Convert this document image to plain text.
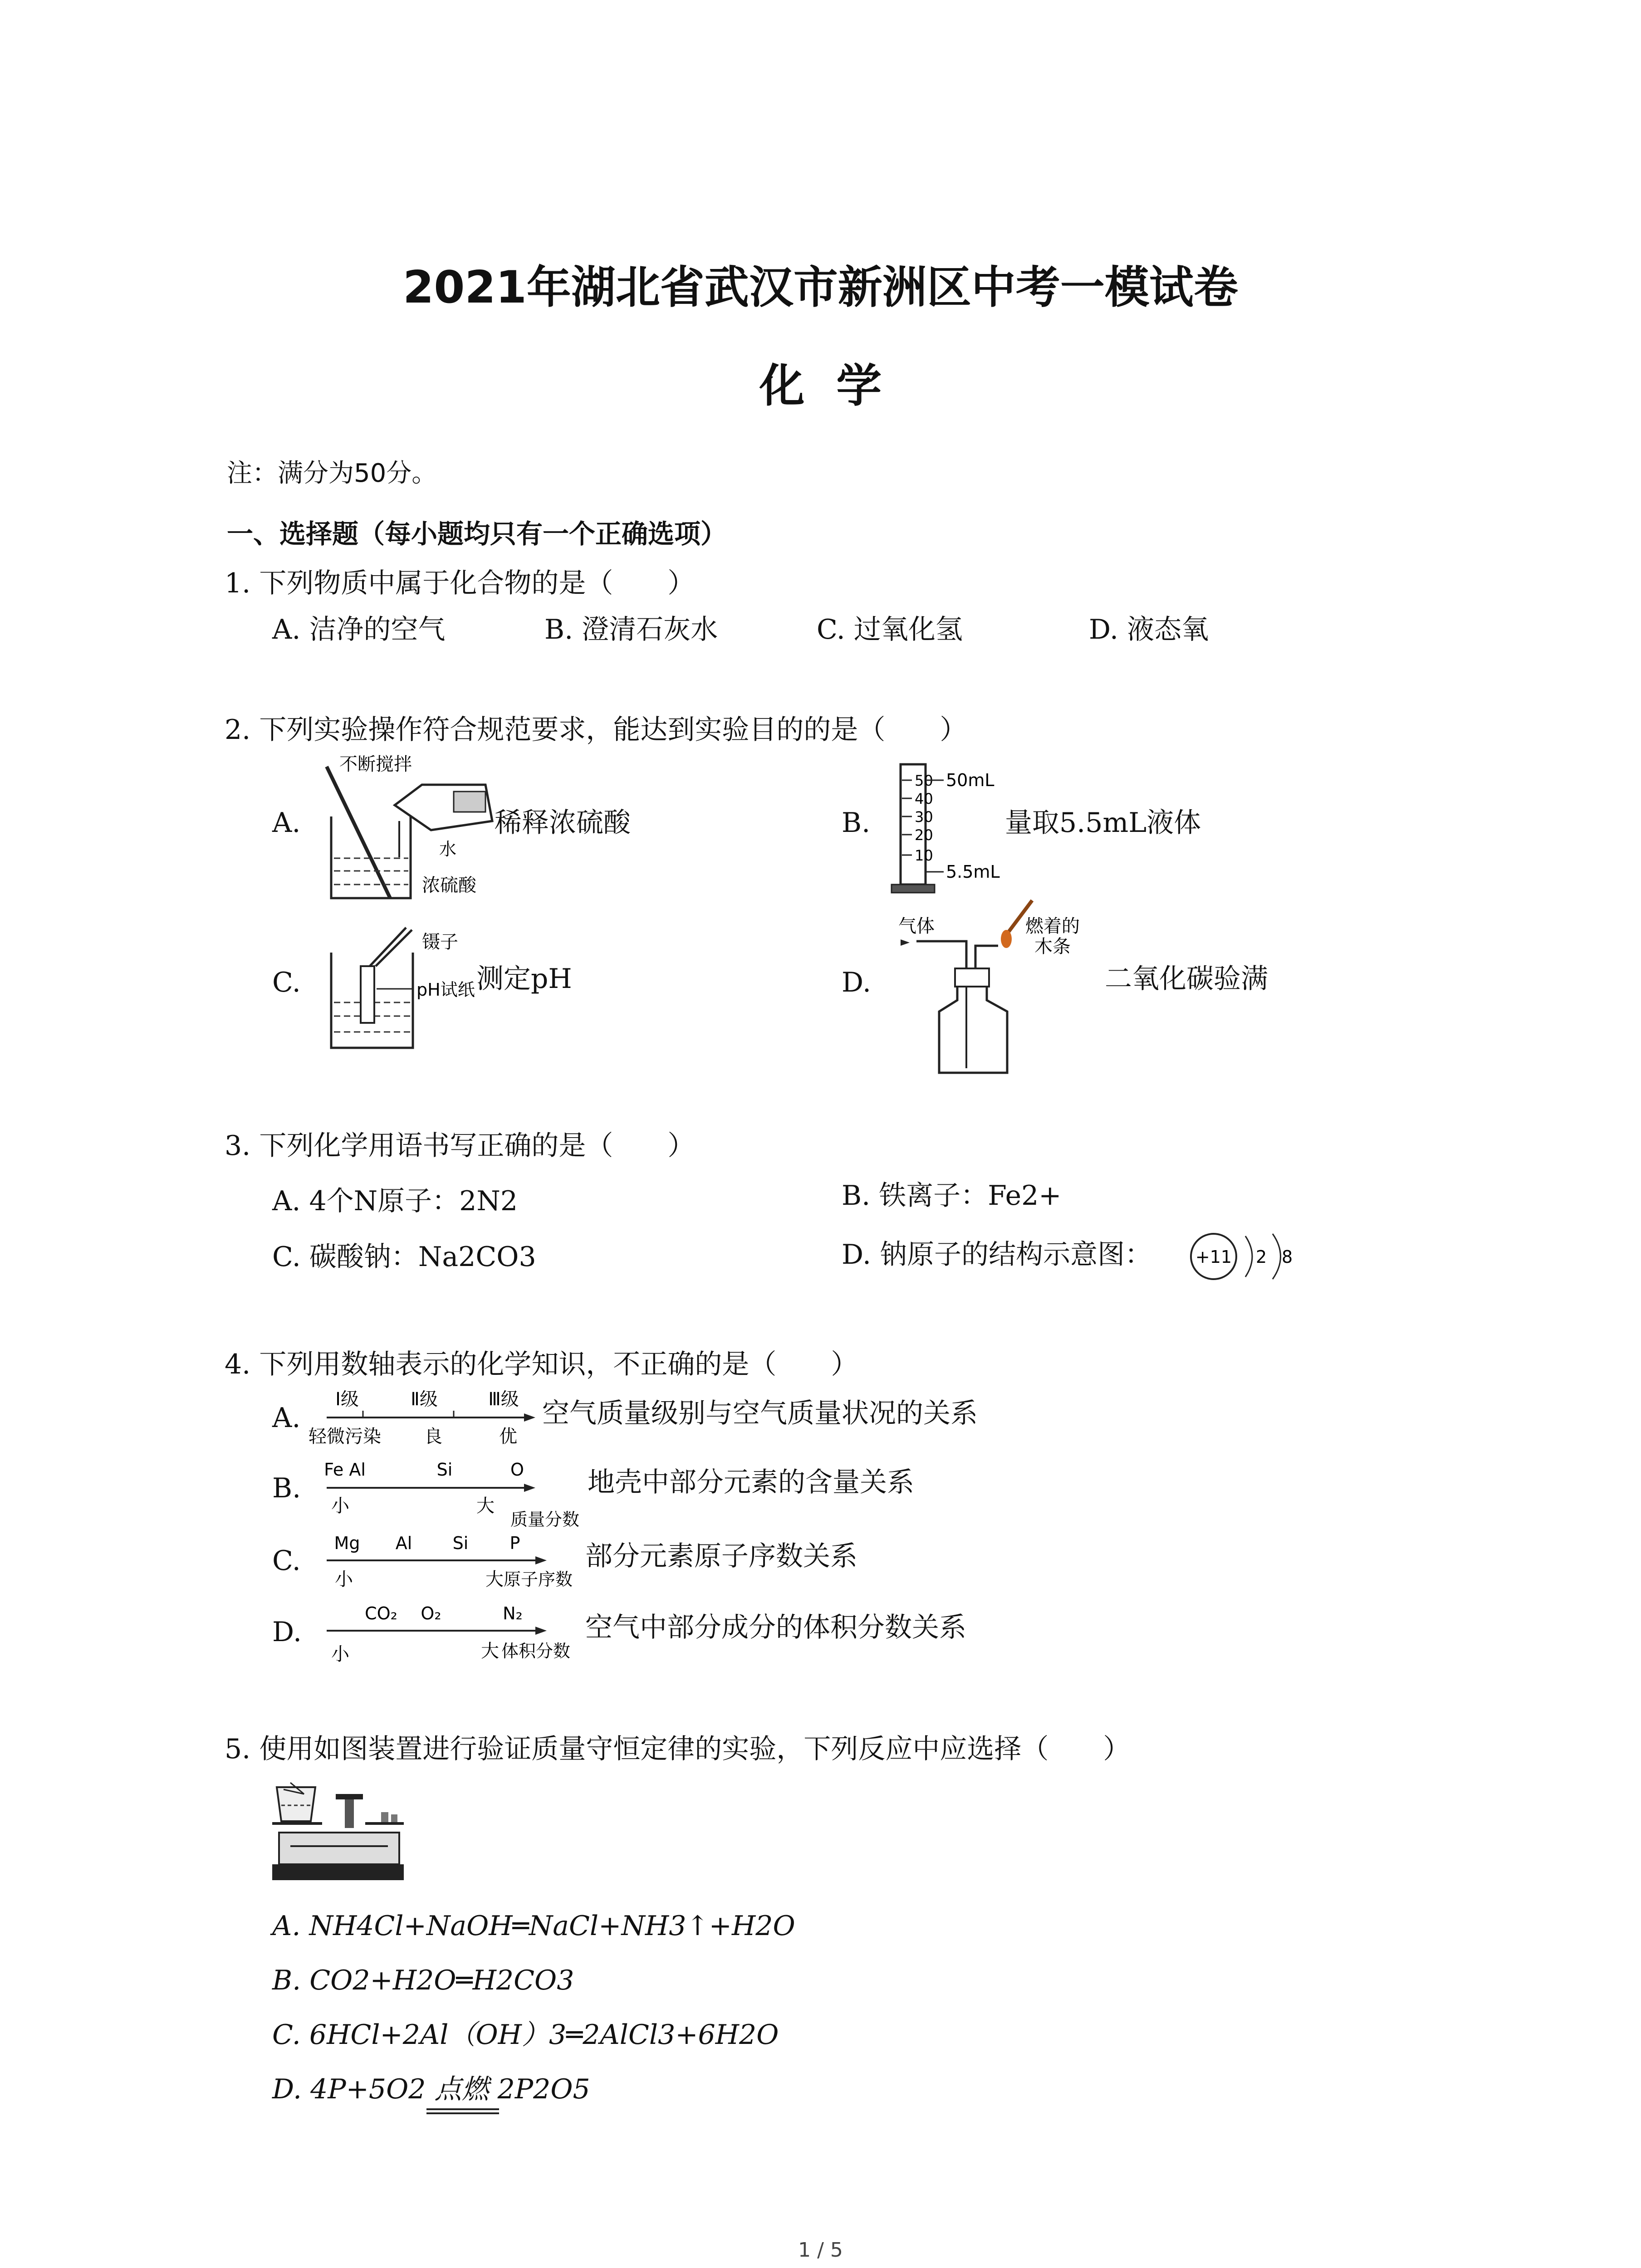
2021年湖北省武汉市新洲区中考一模试卷
化  学
注：满分为50分。
一、选择题（每小题均只有一个正确选项）
1. 下列物质中属于化合物的是（　　）
A. 洁净的空气	B. 澄清石灰水	C. 过氧化氢	D. 液态氧
2. 下列实验操作符合规范要求，能达到实验目的的是（　　）
A.
不断搅拌
水
浓硫酸
稀释浓硫酸	B.
50
40
30
20
10
50mL
5.5mL
量取5.5mL液体
C.
镊子
pH试纸 测定pH	D.
气体	燃着的
木条
二氧化碳验满
3. 下列化学用语书写正确的是（　　）
A. 4个N原子：2N2	B. 铁离子：Fe2+
C. 碳酸钠：Na2CO3	D. 钠原子的结构示意图：	+11 2 8
4. 下列用数轴表示的化学知识，不正确的是（　　）
A.
Ⅰ级	Ⅱ级	Ⅲ级
轻微污染 良	优
空气质量级别与空气质量状况的关系
B.
Fe Al	Si	O
小	大
质量分数
地壳中部分元素的含量关系
C.
Mg Al Si P
小	大 原子序数
部分元素原子序数关系
D.
CO₂ O₂	N₂
小	大 体积分数
空气中部分成分的体积分数关系
5. 使用如图装置进行验证质量守恒定律的实验，下列反应中应选择（　　）
A. NH4Cl+NaOH═NaCl+NH3↑+H2O
B. CO2+H2O═H2CO3
C. 6HCl+2Al（OH）3═2AlCl3+6H2O
D. 4P+5O2 点燃 2P2O5
1 / 5
